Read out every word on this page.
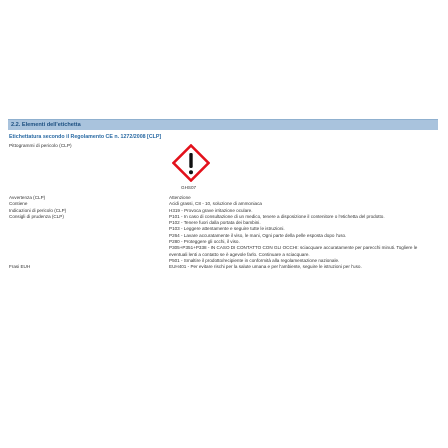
2.2. Elementi dell'etichetta
Etichettatura secondo il Regolamento CE n. 1272/2008 [CLP]
Pittogrammi di pericolo (CLP)
GHS07
Avvertenza (CLP)	Attenzione
Contiene	Acidi grassi, C8 - 10, soluzione di ammoniaca
Indicazioni di pericolo (CLP)	H319 - Provoca grave irritazione oculare.
Consigli di prudenza (CLP)	P101 - In caso di consultazione di un medico, tenere a disposizione il contenitore o l'etichetta del prodotto.
P102 - Tenere fuori dalla portata dei bambini.
P103 - Leggere attentamente e seguire tutte le istruzioni.
P264 - Lavare accuratamente il viso, le mani, Ogni parte della pelle esposta dopo l'uso.
P280 - Proteggere gli occhi, il viso.
P305+P351+P338 - IN CASO DI CONTATTO CON GLI OCCHI: sciacquare accuratamente per parecchi minuti. Togliere le eventuali lenti a contatto se è agevole farlo. Continuare a sciacquare.
P501 - Smaltire il prodotto/recipiente in conformità alla regolamentazione nazionale.
Frasi EUH	EUH401 - Per evitare rischi per la salute umana e per l'ambiente, seguire le istruzioni per l'uso.
